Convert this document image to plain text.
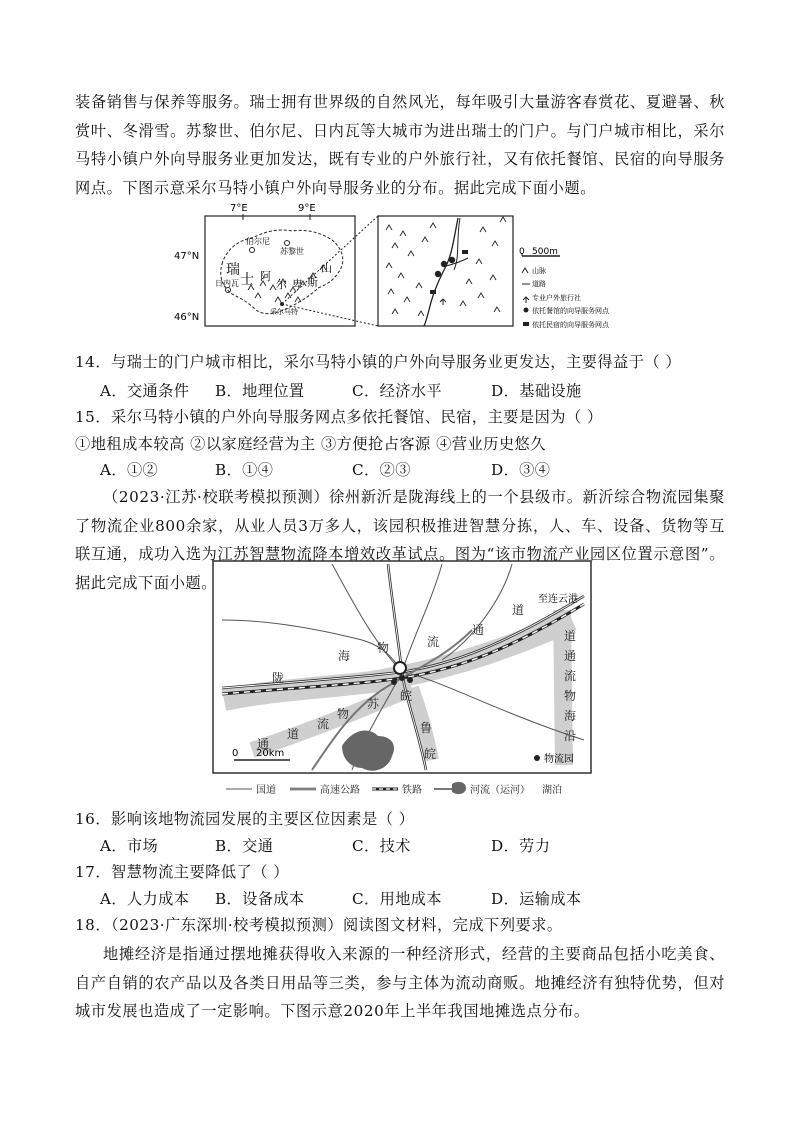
装备销售与保养等服务。瑞士拥有世界级的自然风光，每年吸引大量游客春赏花、夏避暑、秋赏叶、冬滑雪。苏黎世、伯尔尼、日内瓦等大城市为进出瑞士的门户。与门户城市相比，采尔马特小镇户外向导服务业更加发达，既有专业的户外旅行社，又有依托餐馆、民宿的向导服务网点。下图示意采尔马特小镇户外向导服务业的分布。据此完成下面小题。
7°E	9°E
47°N
46°N
伯尔尼
苏黎世
日内瓦
采尔马特
瑞
士 阿
尔 卑 斯
山
0 500m
山脉
道路
专业户外旅行社
依托餐馆的向导服务网点
依托民宿的向导服务网点
14．与瑞士的门户城市相比，采尔马特小镇的户外向导服务业更发达，主要得益于（ ）
A．交通条件 B．地理位置	C．经济水平	D．基础设施
15．采尔马特小镇的户外向导服务网点多依托餐馆、民宿，主要是因为（ ）
①地租成本较高 ②以家庭经营为主 ③方便抢占客源 ④营业历史悠久
A．①②	B．①④	C．②③	D．③④
（2023·江苏·校联考模拟预测）徐州新沂是陇海线上的一个县级市。新沂综合物流园集聚了物流企业800余家，从业人员3万多人，该园积极推进智慧分拣，人、车、设备、货物等互联互通，成功入选为江苏智慧物流降本增效改革试点。图为“该市物流产业园区位置示意图”。据此完成下面小题。
陇
海
物	流
通
道
通
道
流
物
苏
皖
鲁
皖
道
通
流
物
海
沿
至连云港
0 20km
物流园
国道	高速公路	铁路	河流（运河） 湖泊
16．影响该地物流园发展的主要区位因素是（ ）
A．市场	B．交通	C．技术	D．劳力
17．智慧物流主要降低了（ ）
A．人力成本 B．设备成本	C．用地成本	D．运输成本
18．（2023·广东深圳·校考模拟预测）阅读图文材料，完成下列要求。
地摊经济是指通过摆地摊获得收入来源的一种经济形式，经营的主要商品包括小吃美食、自产自销的农产品以及各类日用品等三类，参与主体为流动商贩。地摊经济有独特优势，但对城市发展也造成了一定影响。下图示意2020年上半年我国地摊选点分布。
